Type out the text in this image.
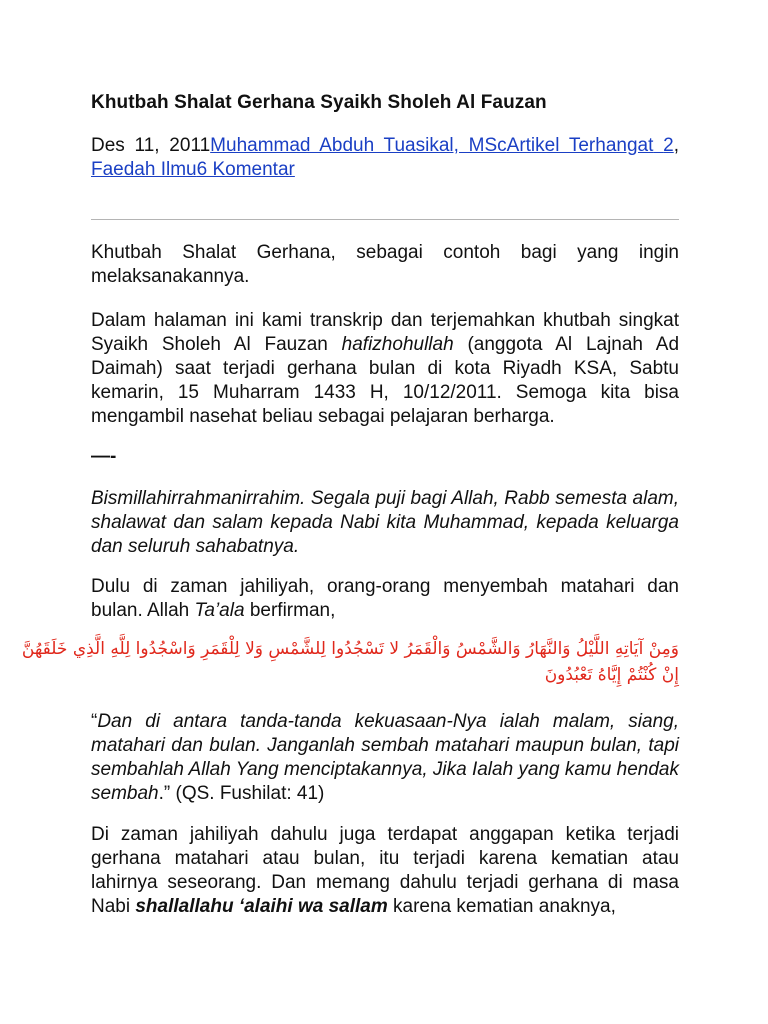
Khutbah Shalat Gerhana Syaikh Sholeh Al Fauzan
Des 11, 2011Muhammad Abduh Tuasikal, MScArtikel Terhangat 2, Faedah Ilmu6 Komentar

Khutbah Shalat Gerhana, sebagai contoh bagi yang ingin melaksanakannya.

Dalam halaman ini kami transkrip dan terjemahkan khutbah singkat Syaikh Sholeh Al Fauzan hafizhohullah (anggota Al Lajnah Ad Daimah) saat terjadi gerhana bulan di kota Riyadh KSA, Sabtu kemarin, 15 Muharram 1433 H, 10/12/2011. Semoga kita bisa mengambil nasehat beliau sebagai pelajaran berharga.

—-

Bismillahirrahmanirrahim. Segala puji bagi Allah, Rabb semesta alam, shalawat dan salam kepada Nabi kita Muhammad, kepada keluarga dan seluruh sahabatnya.

Dulu di zaman jahiliyah, orang-orang menyembah matahari dan bulan. Allah Ta’ala berfirman,

وَمِنْ آيَاتِهِ اللَّيْلُ وَالنَّهَارُ وَالشَّمْسُ وَالْقَمَرُ لا تَسْجُدُوا لِلشَّمْسِ وَلا لِلْقَمَرِ وَاسْجُدُوا لِلَّهِ الَّذِي خَلَقَهُنَّ
إِنْ كُنْتُمْ إِيَّاهُ تَعْبُدُونَ

“Dan di antara tanda-tanda kekuasaan-Nya ialah malam, siang, matahari dan bulan. Janganlah sembah matahari maupun bulan, tapi sembahlah Allah Yang menciptakannya, Jika Ialah yang kamu hendak sembah.” (QS. Fushilat: 41)

Di zaman jahiliyah dahulu juga terdapat anggapan ketika terjadi gerhana matahari atau bulan, itu terjadi karena kematian atau lahirnya seseorang. Dan memang dahulu terjadi gerhana di masa Nabi shallallahu ‘alaihi wa sallam karena kematian anaknya,
